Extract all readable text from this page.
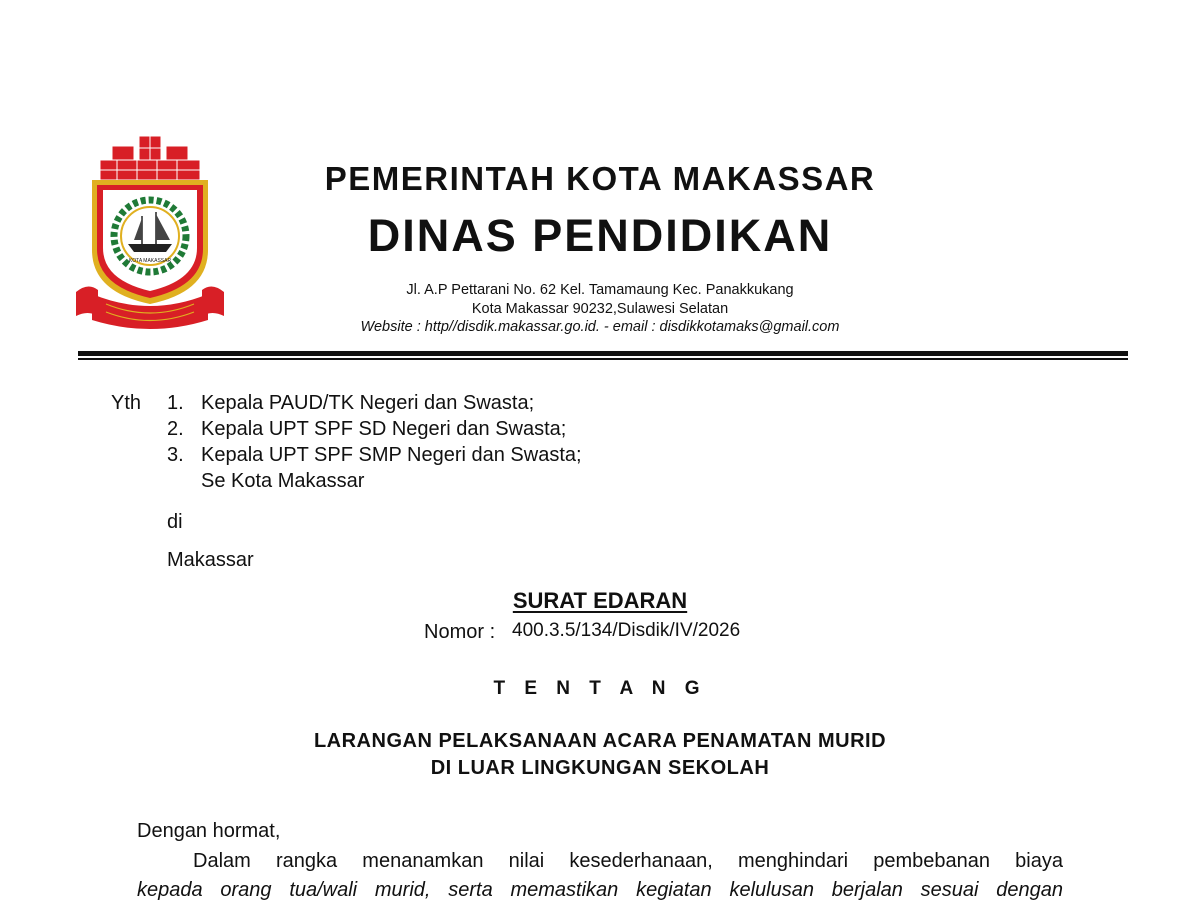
KOTA MAKASSAR
PEMERINTAH KOTA MAKASSAR
DINAS PENDIDIKAN
Jl. A.P Pettarani No. 62 Kel. Tamamaung Kec. Panakkukang
Kota Makassar 90232,Sulawesi Selatan
Website : http//disdik.makassar.go.id. - email : disdikkotamaks@gmail.com
Yth 1. Kepala PAUD/TK Negeri dan Swasta;
2. Kepala UPT SPF SD Negeri dan Swasta;
3. Kepala UPT SPF SMP Negeri dan Swasta;
Se Kota Makassar
di
Makassar
SURAT EDARAN
Nomor : 400.3.5/134/Disdik/IV/2026
T E N T A N G
LARANGAN PELAKSANAAN ACARA PENAMATAN MURID
DI LUAR LINGKUNGAN SEKOLAH
Dengan hormat,
Dalam rangka menanamkan nilai kesederhanaan, menghindari pembebanan biaya
kepada orang tua/wali murid, serta memastikan kegiatan kelulusan berjalan sesuai dengan
